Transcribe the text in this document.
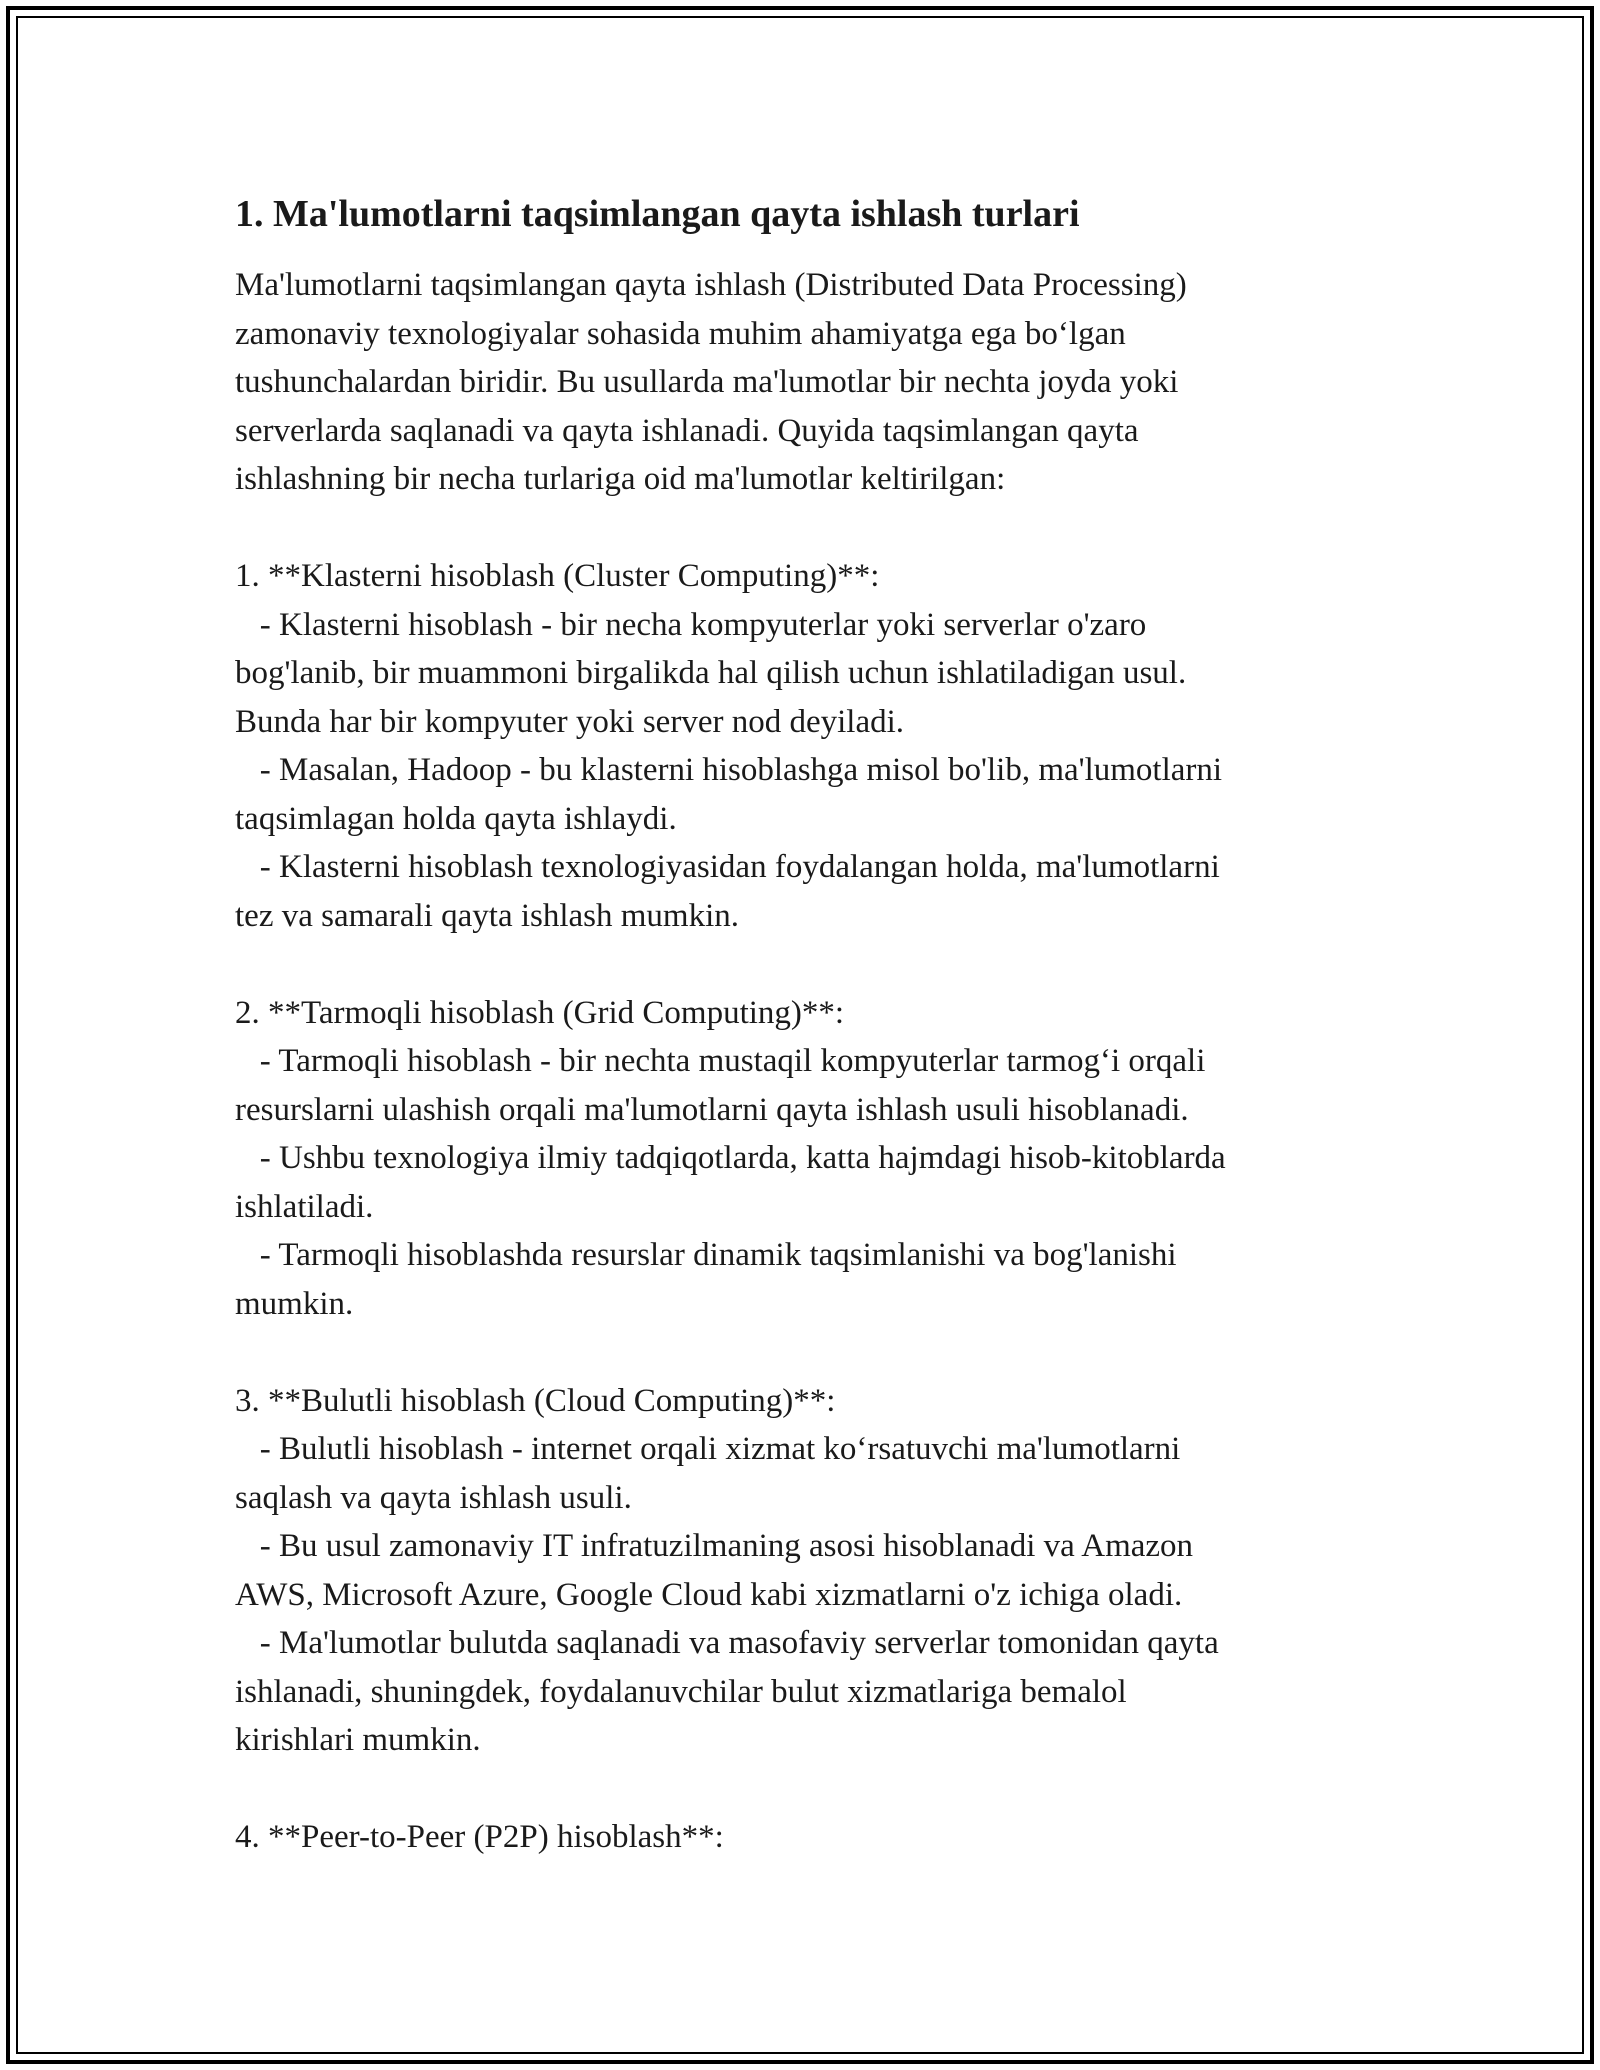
1. Ma'lumotlarni taqsimlangan qayta ishlash turlari

Ma'lumotlarni taqsimlangan qayta ishlash (Distributed Data Processing)
zamonaviy texnologiyalar sohasida muhim ahamiyatga ega bo‘lgan
tushunchalardan biridir. Bu usullarda ma'lumotlar bir nechta joyda yoki
serverlarda saqlanadi va qayta ishlanadi. Quyida taqsimlangan qayta
ishlashning bir necha turlariga oid ma'lumotlar keltirilgan:

1. **Klasterni hisoblash (Cluster Computing)**:
- Klasterni hisoblash - bir necha kompyuterlar yoki serverlar o'zaro
bog'lanib, bir muammoni birgalikda hal qilish uchun ishlatiladigan usul.
Bunda har bir kompyuter yoki server nod deyiladi.
- Masalan, Hadoop - bu klasterni hisoblashga misol bo'lib, ma'lumotlarni
taqsimlagan holda qayta ishlaydi.
- Klasterni hisoblash texnologiyasidan foydalangan holda, ma'lumotlarni
tez va samarali qayta ishlash mumkin.

2. **Tarmoqli hisoblash (Grid Computing)**:
- Tarmoqli hisoblash - bir nechta mustaqil kompyuterlar tarmog‘i orqali
resurslarni ulashish orqali ma'lumotlarni qayta ishlash usuli hisoblanadi.
- Ushbu texnologiya ilmiy tadqiqotlarda, katta hajmdagi hisob-kitoblarda
ishlatiladi.
- Tarmoqli hisoblashda resurslar dinamik taqsimlanishi va bog'lanishi
mumkin.

3. **Bulutli hisoblash (Cloud Computing)**:
- Bulutli hisoblash - internet orqali xizmat ko‘rsatuvchi ma'lumotlarni
saqlash va qayta ishlash usuli.
- Bu usul zamonaviy IT infratuzilmaning asosi hisoblanadi va Amazon
AWS, Microsoft Azure, Google Cloud kabi xizmatlarni o'z ichiga oladi.
- Ma'lumotlar bulutda saqlanadi va masofaviy serverlar tomonidan qayta
ishlanadi, shuningdek, foydalanuvchilar bulut xizmatlariga bemalol
kirishlari mumkin.

4. **Peer-to-Peer (P2P) hisoblash**:
